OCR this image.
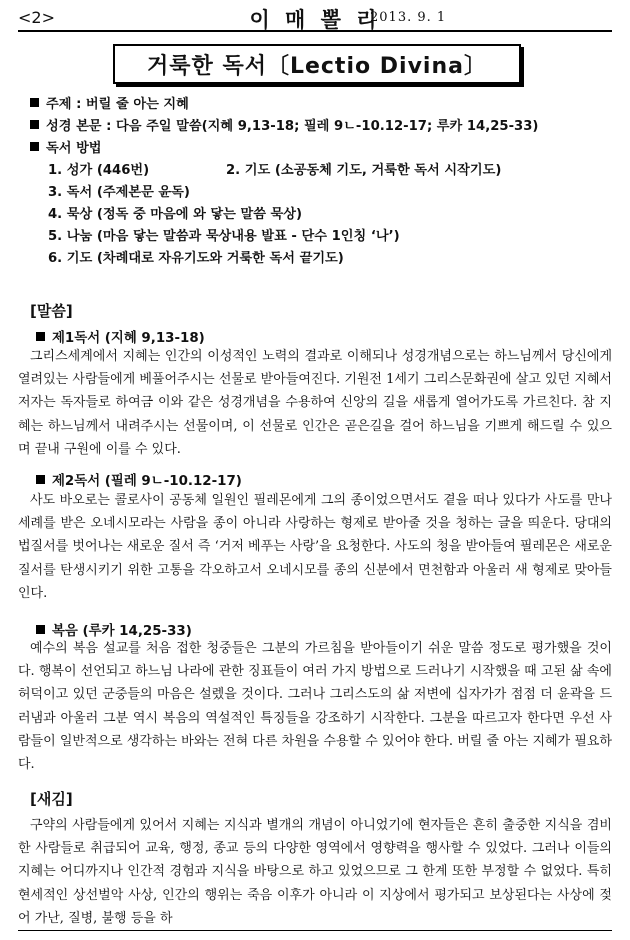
<2>	이 매 뽈 리
2013. 9. 1
거룩한 독서〔Lectio Divina〕
주제 : 버릴 줄 아는 지혜
성경 본문 : 다음 주일 말씀(지혜 9,13-18; 필레 9ㄴ-10.12-17; 루카 14,25-33)
독서 방법
1. 성가 (446번)	2. 기도 (소공동체 기도, 거룩한 독서 시작기도)
3. 독서 (주제본문 윤독)
4. 묵상 (정독 중 마음에 와 닿는 말씀 묵상)
5. 나눔 (마음 닿는 말씀과 묵상내용 발표 - 단수 1인칭 ‘나’)
6. 기도 (차례대로 자유기도와 거룩한 독서 끝기도)
[말씀]
제1독서 (지혜 9,13-18)
그리스세계에서 지혜는 인간의 이성적인 노력의 결과로 이해되나 성경개념으로는 하느님께서 당신에게 열려있는 사람들에게 베풀어주시는 선물로 받아들여진다. 기원전 1세기 그리스문화권에 살고 있던 지혜서 저자는 독자들로 하여금 이와 같은 성경개념을 수용하여 신앙의 길을 새롭게 열어가도록 가르친다. 참 지혜는 하느님께서 내려주시는 선물이며, 이 선물로 인간은 곧은길을 걸어 하느님을 기쁘게 해드릴 수 있으며 끝내 구원에 이를 수 있다.
제2독서 (필레 9ㄴ-10.12-17)
사도 바오로는 콜로사이 공동체 일원인 필레몬에게 그의 종이었으면서도 곁을 떠나 있다가 사도를 만나 세례를 받은 오네시모라는 사람을 종이 아니라 사랑하는 형제로 받아줄 것을 청하는 글을 띄운다. 당대의 법질서를 벗어나는 새로운 질서 즉 ‘거저 베푸는 사랑’을 요청한다. 사도의 청을 받아들여 필레몬은 새로운 질서를 탄생시키기 위한 고통을 각오하고서 오네시모를 종의 신분에서 면천함과 아울러 새 형제로 맞아들인다.
복음 (루카 14,25-33)
예수의 복음 설교를 처음 접한 청중들은 그분의 가르침을 받아들이기 쉬운 말씀 정도로 평가했을 것이다. 행복이 선언되고 하느님 나라에 관한 징표들이 여러 가지 방법으로 드러나기 시작했을 때 고된 삶 속에 허덕이고 있던 군중들의 마음은 설렜을 것이다. 그러나 그리스도의 삶 저변에 십자가가 점점 더 윤곽을 드러냄과 아울러 그분 역시 복음의 역설적인 특징들을 강조하기 시작한다. 그분을 따르고자 한다면 우선 사람들이 일반적으로 생각하는 바와는 전혀 다른 차원을 수용할 수 있어야 한다. 버릴 줄 아는 지혜가 필요하다.
[새김]
구약의 사람들에게 있어서 지혜는 지식과 별개의 개념이 아니었기에 현자들은 흔히 출중한 지식을 겸비한 사람들로 취급되어 교육, 행정, 종교 등의 다양한 영역에서 영향력을 행사할 수 있었다. 그러나 이들의 지혜는 어디까지나 인간적 경험과 지식을 바탕으로 하고 있었으므로 그 한계 또한 부정할 수 없었다. 특히 현세적인 상선벌악 사상, 인간의 행위는 죽음 이후가 아니라 이 지상에서 평가되고 보상된다는 사상에 젖어 가난, 질병, 불행 등을 하
